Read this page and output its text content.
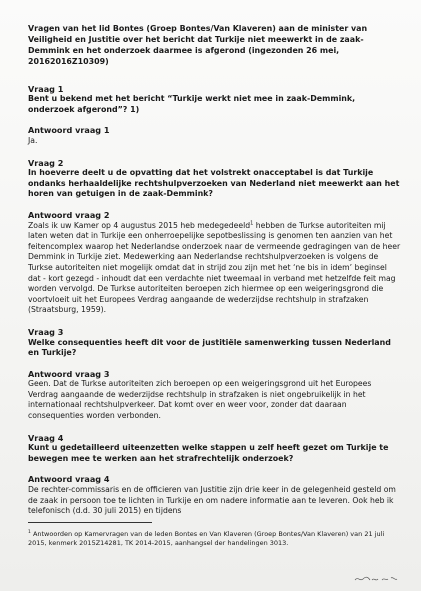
Vragen van het lid Bontes (Groep Bontes/Van Klaveren) aan de minister van Veiligheid en Justitie over het bericht dat Turkije niet meewerkt in de zaak-Demmink en het onderzoek daarmee is afgerond (ingezonden 26 mei, 20162016Z10309)

Vraag 1

Bent u bekend met het bericht “Turkije werkt niet mee in zaak-Demmink, onderzoek afgerond”? 1)

Antwoord vraag 1

Ja.

Vraag 2

In hoeverre deelt u de opvatting dat het volstrekt onacceptabel is dat Turkije ondanks herhaaldelijke rechtshulpverzoeken van Nederland niet meewerkt aan het horen van getuigen in de zaak-Demmink?

Antwoord vraag 2

Zoals ik uw Kamer op 4 augustus 2015 heb medegedeeld$^1$ hebben de Turkse autoriteiten mij laten weten dat in Turkije een onherroepelijke sepotbeslissing is genomen ten aanzien van het feitencomplex waarop het Nederlandse onderzoek naar de vermeende gedragingen van de heer Demmink in Turkije ziet. Medewerking aan Nederlandse rechtshulpverzoeken is volgens de Turkse autoriteiten niet mogelijk omdat dat in strijd zou zijn met het ‘ne bis in idem’ beginsel dat - kort gezegd - inhoudt dat een verdachte niet tweemaal in verband met hetzelfde feit mag worden vervolgd. De Turkse autoriteiten beroepen zich hiermee op een weigeringsgrond die voortvloeit uit het Europees Verdrag aangaande de wederzijdse rechtshulp in strafzaken (Straatsburg, 1959).

Vraag 3

Welke consequenties heeft dit voor de justitiële samenwerking tussen Nederland en Turkije?

Antwoord vraag 3

Geen. Dat de Turkse autoriteiten zich beroepen op een weigeringsgrond uit het Europees Verdrag aangaande de wederzijdse rechtshulp in strafzaken is niet ongebruikelijk in het internationaal rechtshulpverkeer. Dat komt over en weer voor, zonder dat daaraan consequenties worden verbonden.

Vraag 4

Kunt u gedetailleerd uiteenzetten welke stappen u zelf heeft gezet om Turkije te bewegen mee te werken aan het strafrechtelijk onderzoek?

Antwoord vraag 4

De rechter-commissaris en de officieren van Justitie zijn drie keer in de gelegenheid gesteld om de zaak in persoon toe te lichten in Turkije en om nadere informatie aan te leveren. Ook heb ik telefonisch (d.d. 30 juli 2015) en tijdens

$^1$ Antwoorden op Kamervragen van de leden Bontes en Van Klaveren (Groep Bontes/Van Klaveren) van 21 juli 2015, kenmerk 2015Z14281, TK 2014-2015, aanhangsel der handelingen 3013.
